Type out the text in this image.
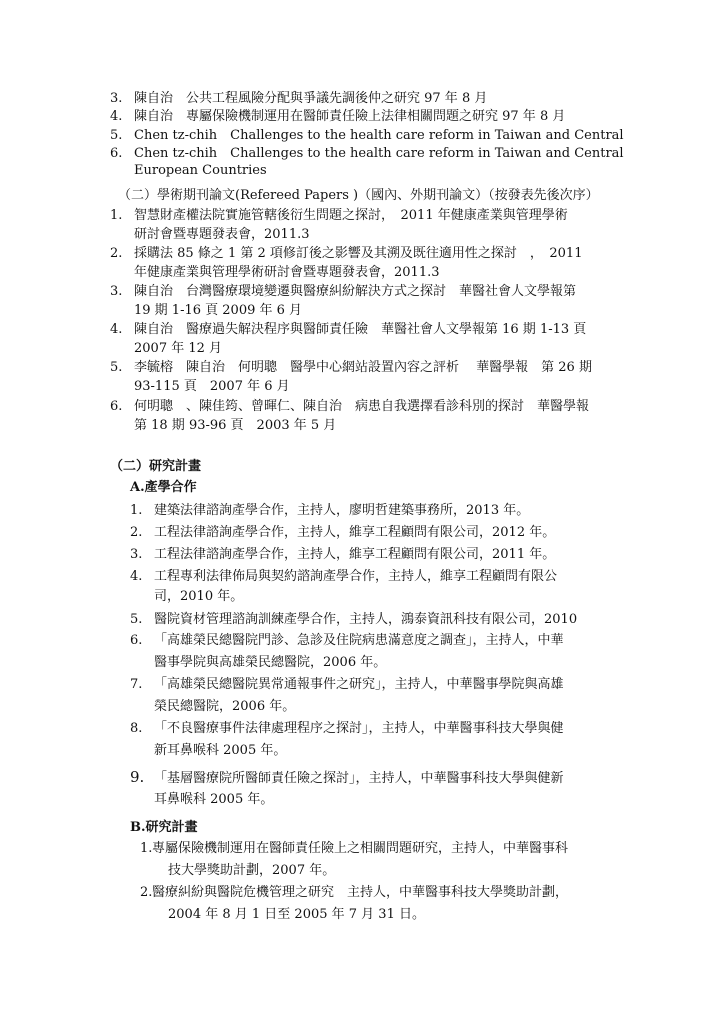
3. 陳自治　公共工程風險分配與爭議先調後仲之研究 97 年 8 月
4. 陳自治　專屬保險機制運用在醫師責任險上法律相關問題之研究 97 年 8 月
5. Chen tz-chih　Challenges to the health care reform in Taiwan and Central
6. Chen tz-chih　Challenges to the health care reform in Taiwan and Central
European Countries
（二）學術期刊論文(Refereed Papers )（國內、外期刊論文）（按發表先後次序）
1. 智慧財產權法院實施管轄後衍生問題之探討，　2011 年健康產業與管理學術
研討會暨專題發表會，2011.3
2. 採購法 85 條之 1 第 2 項修訂後之影響及其溯及既往適用性之探討　，　2011
年健康產業與管理學術研討會暨專題發表會，2011.3
3. 陳自治　台灣醫療環境變遷與醫療糾紛解決方式之探討　華醫社會人文學報第
19 期 1-16 頁 2009 年 6 月
4. 陳自治　醫療過失解決程序與醫師責任險　華醫社會人文學報第 16 期 1-13 頁
2007 年 12 月
5. 李毓榕　陳自治　何明聰　醫學中心網站設置內容之評析　 華醫學報　第 26 期
93-115 頁　2007 年 6 月
6. 何明聰　、陳佳筠、曾暉仁、陳自治　病患自我選擇看診科別的探討　華醫學報
第 18 期 93-96 頁　2003 年 5 月
（二）研究計畫
A.產學合作
1. 建築法律諮詢產學合作，主持人，廖明哲建築事務所，2013 年。
2. 工程法律諮詢產學合作，主持人，維享工程顧問有限公司，2012 年。
3. 工程法律諮詢產學合作，主持人，維享工程顧問有限公司，2011 年。
4. 工程專利法律佈局與契約諮詢產學合作，主持人，維享工程顧問有限公
司，2010 年。
5. 醫院資材管理諮詢訓練產學合作，主持人，鴻泰資訊科技有限公司，2010
6. 「高雄榮民總醫院門診、急診及住院病患滿意度之調查」，主持人，中華
醫事學院與高雄榮民總醫院，2006 年。
7. 「高雄榮民總醫院異常通報事件之研究」，主持人，中華醫事學院與高雄
榮民總醫院，2006 年。
8. 「不良醫療事件法律處理程序之探討」，主持人，中華醫事科技大學與健
新耳鼻喉科 2005 年。
9. 「基層醫療院所醫師責任險之探討」，主持人，中華醫事科技大學與健新
耳鼻喉科 2005 年。
B.研究計畫
1.專屬保險機制運用在醫師責任險上之相關問題研究，主持人，中華醫事科
技大學獎助計劃，2007 年。
2.醫療糾紛與醫院危機管理之研究　主持人，中華醫事科技大學獎助計劃，
2004 年 8 月 1 日至 2005 年 7 月 31 日。
